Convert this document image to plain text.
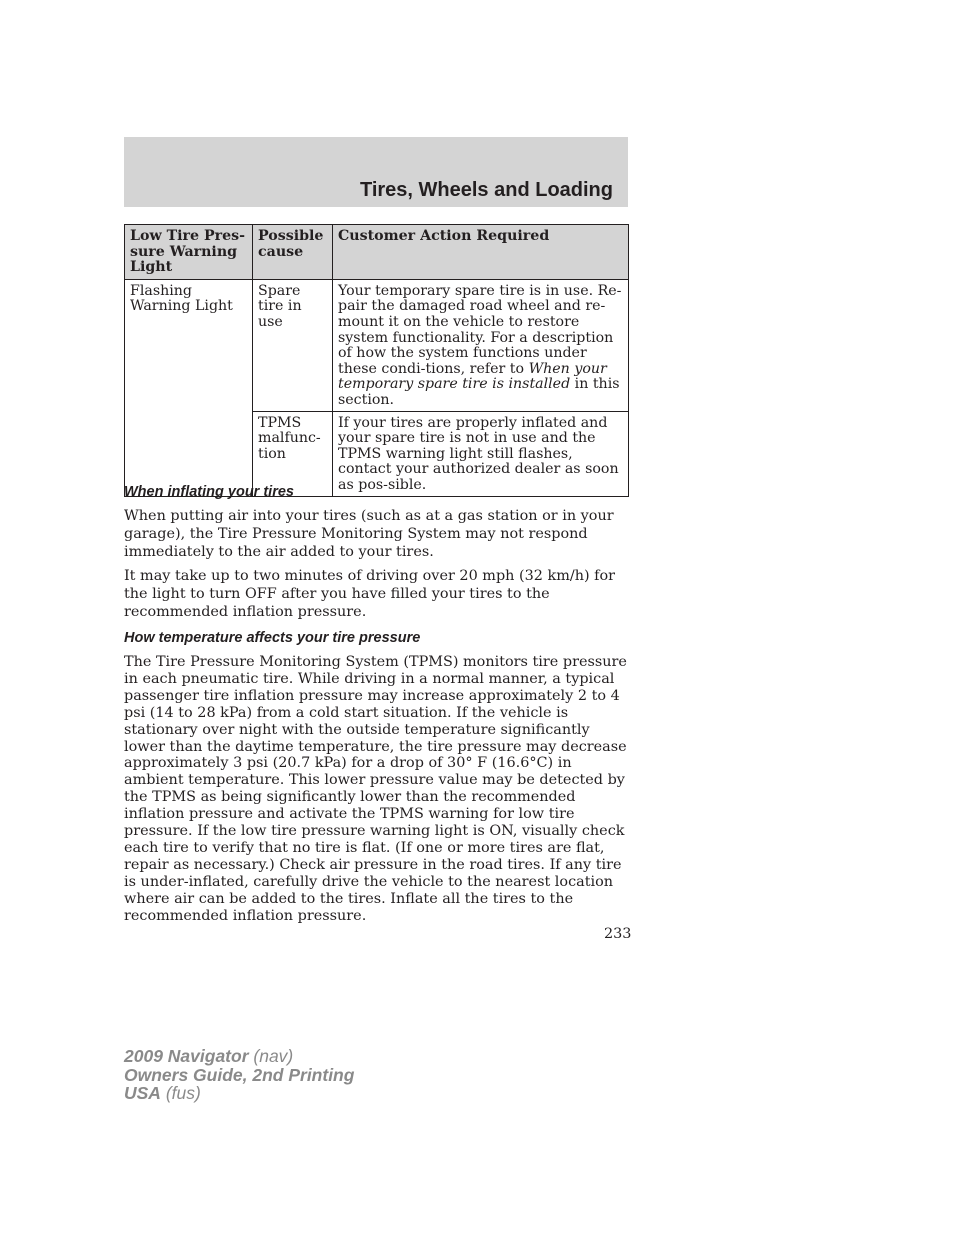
Tires, Wheels and Loading
Low Tire Pres-sure Warning Light	Possible cause	Customer Action Required
Flashing Warning Light	Spare tire in use	Your temporary spare tire is in use. Re-pair the damaged road wheel and re-mount it on the vehicle to restore system functionality. For a description of how the system functions under these condi-tions, refer to When your temporary spare tire is installed in this section.
	TPMS malfunc-tion	If your tires are properly inflated and your spare tire is not in use and the TPMS warning light still flashes, contact your authorized dealer as soon as pos-sible.
When inflating your tires

When putting air into your tires (such as at a gas station or in your garage), the Tire Pressure Monitoring System may not respond immediately to the air added to your tires.

It may take up to two minutes of driving over 20 mph (32 km/h) for the light to turn OFF after you have filled your tires to the recommended inflation pressure.

How temperature affects your tire pressure

The Tire Pressure Monitoring System (TPMS) monitors tire pressure in each pneumatic tire. While driving in a normal manner, a typical passenger tire inflation pressure may increase approximately 2 to 4 psi (14 to 28 kPa) from a cold start situation. If the vehicle is stationary over night with the outside temperature significantly lower than the daytime temperature, the tire pressure may decrease approximately 3 psi (20.7 kPa) for a drop of 30° F (16.6°C) in ambient temperature. This lower pressure value may be detected by the TPMS as being significantly lower than the recommended inflation pressure and activate the TPMS warning for low tire pressure. If the low tire pressure warning light is ON, visually check each tire to verify that no tire is flat. (If one or more tires are flat, repair as necessary.) Check air pressure in the road tires. If any tire is under-inflated, carefully drive the vehicle to the nearest location where air can be added to the tires. Inflate all the tires to the recommended inflation pressure.

233
2009 Navigator (nav)
Owners Guide, 2nd Printing
USA (fus)
